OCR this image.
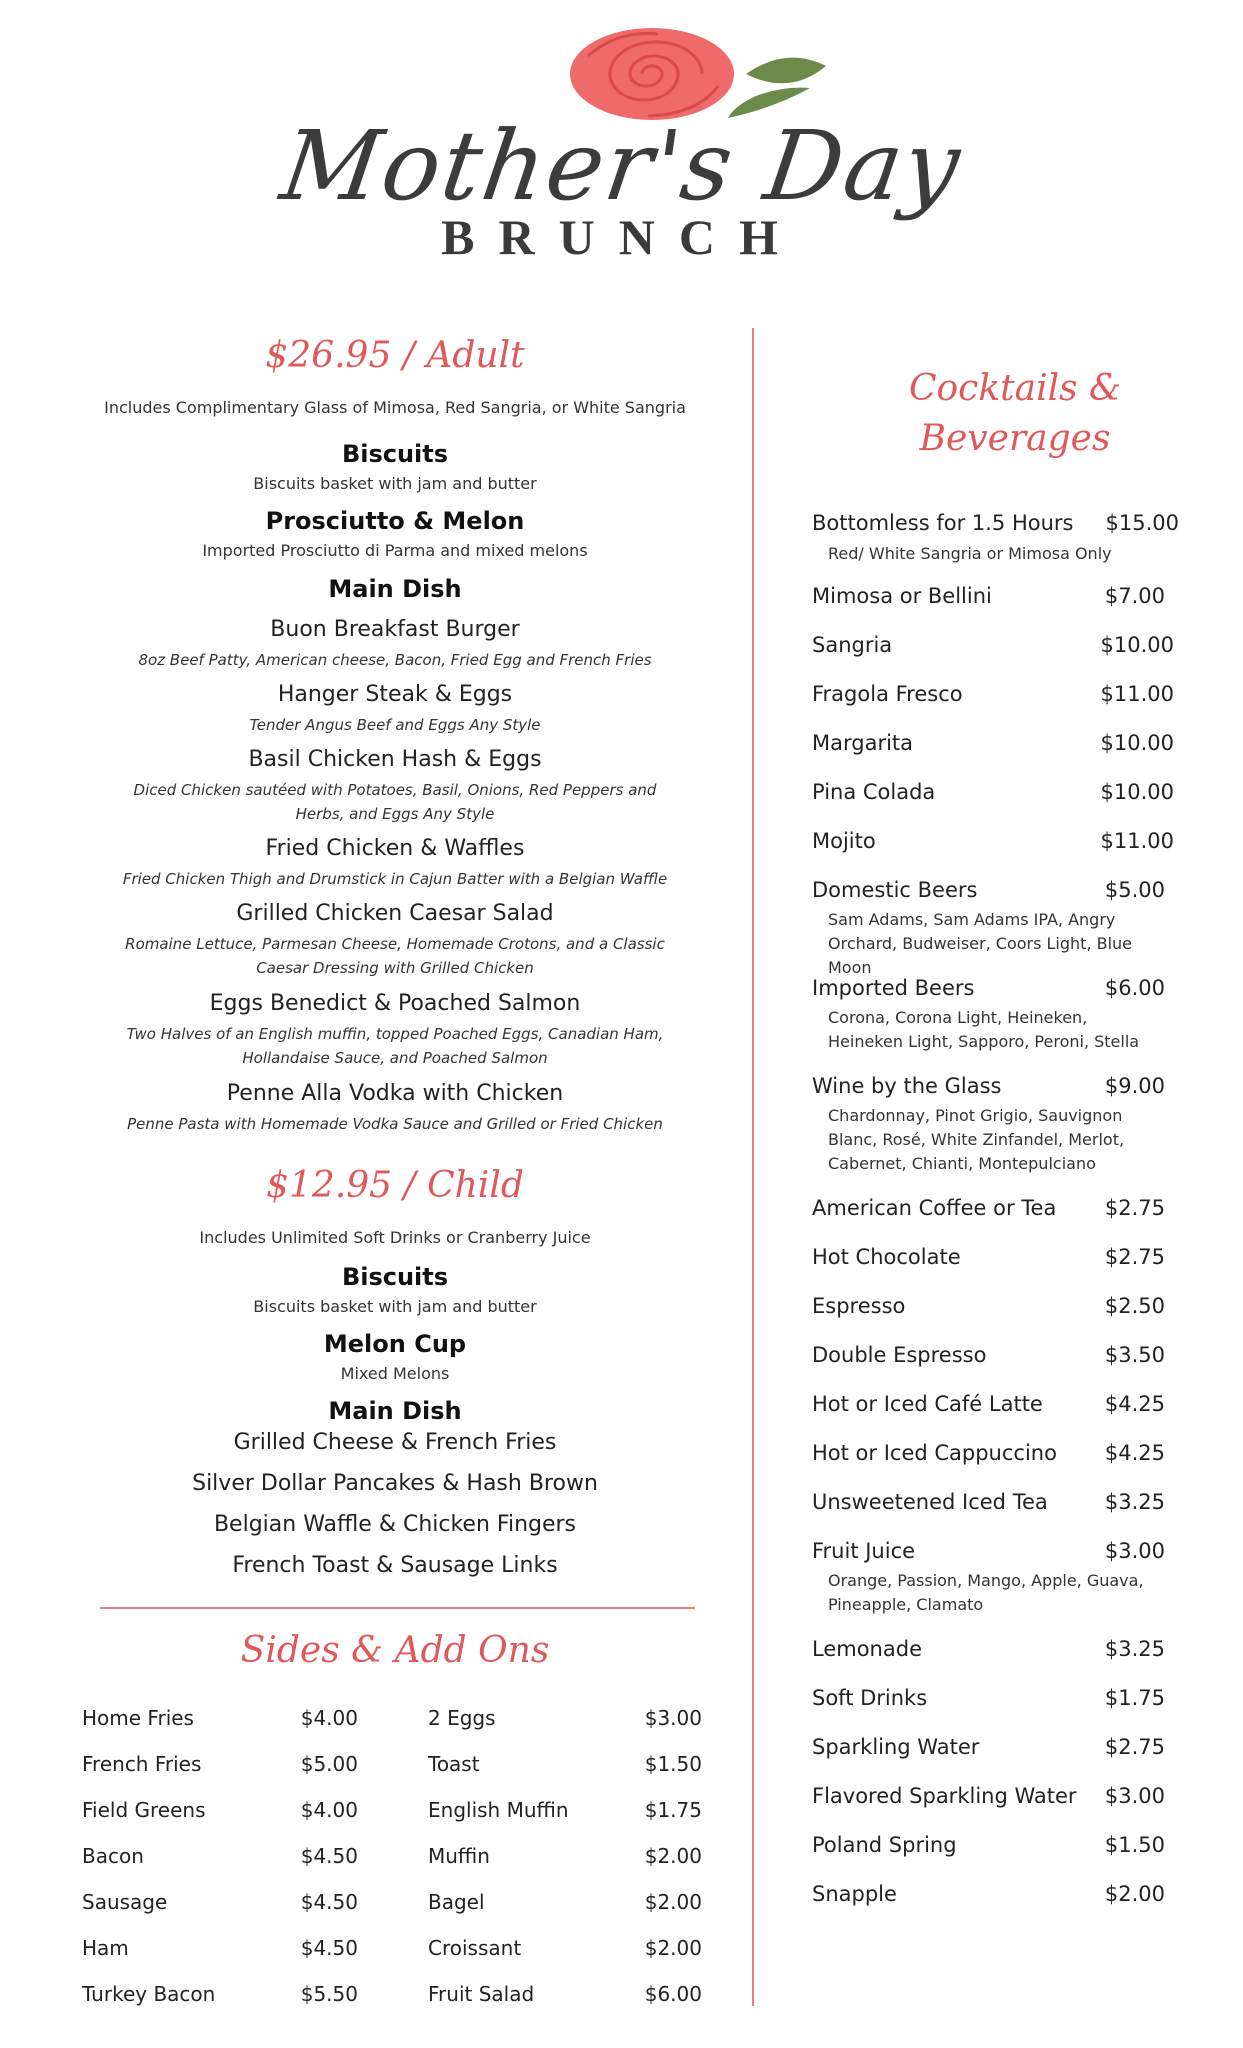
Mother's Day
BRUNCH
$26.95 / Adult
Includes Complimentary Glass of Mimosa, Red Sangria, or White Sangria
Biscuits
Biscuits basket with jam and butter
Prosciutto & Melon
Imported Prosciutto di Parma and mixed melons
Main Dish
Buon Breakfast Burger
8oz Beef Patty, American cheese, Bacon, Fried Egg and French Fries
Hanger Steak & Eggs
Tender Angus Beef and Eggs Any Style
Basil Chicken Hash & Eggs
Diced Chicken sautéed with Potatoes, Basil, Onions, Red Peppers and Herbs, and Eggs Any Style
Fried Chicken & Waffles
Fried Chicken Thigh and Drumstick in Cajun Batter with a Belgian Waffle
Grilled Chicken Caesar Salad
Romaine Lettuce, Parmesan Cheese, Homemade Crotons, and a Classic Caesar Dressing with Grilled Chicken
Eggs Benedict & Poached Salmon
Two Halves of an English muffin, topped Poached Eggs, Canadian Ham, Hollandaise Sauce, and Poached Salmon
Penne Alla Vodka with Chicken
Penne Pasta with Homemade Vodka Sauce and Grilled or Fried Chicken
$12.95 / Child
Includes Unlimited Soft Drinks or Cranberry Juice
Biscuits
Biscuits basket with jam and butter
Melon Cup
Mixed Melons
Main Dish
Grilled Cheese & French Fries
Silver Dollar Pancakes & Hash Brown
Belgian Waffle & Chicken Fingers
French Toast & Sausage Links
Sides & Add Ons
Home Fries	$4.00
French Fries	$5.00
Field Greens	$4.00
Bacon	$4.50
Sausage	$4.50
Ham	$4.50
Turkey Bacon	$5.50
2 Eggs	$3.00
Toast	$1.50
English Muffin	$1.75
Muffin	$2.00
Bagel	$2.00
Croissant	$2.00
Fruit Salad	$6.00
Cocktails &
Beverages
Bottomless for 1.5 Hours $15.00
Red/ White Sangria or Mimosa Only
Mimosa or Bellini	$7.00
Sangria	$10.00
Fragola Fresco	$11.00
Margarita	$10.00
Pina Colada	$10.00
Mojito	$11.00
Domestic Beers	$5.00
Sam Adams, Sam Adams IPA, Angry Orchard, Budweiser, Coors Light, Blue Moon
Imported Beers	$6.00
Corona, Corona Light, Heineken, Heineken Light, Sapporo, Peroni, Stella
Wine by the Glass	$9.00
Chardonnay, Pinot Grigio, Sauvignon Blanc, Rosé, White Zinfandel, Merlot, Cabernet, Chianti, Montepulciano
American Coffee or Tea $2.75
Hot Chocolate	$2.75
Espresso	$2.50
Double Espresso	$3.50
Hot or Iced Café Latte	$4.25
Hot or Iced Cappuccino $4.25
Unsweetened Iced Tea	$3.25
Fruit Juice	$3.00
Orange, Passion, Mango, Apple, Guava, Pineapple, Clamato
Lemonade	$3.25
Soft Drinks	$1.75
Sparkling Water	$2.75
Flavored Sparkling Water $3.00
Poland Spring	$1.50
Snapple	$2.00
